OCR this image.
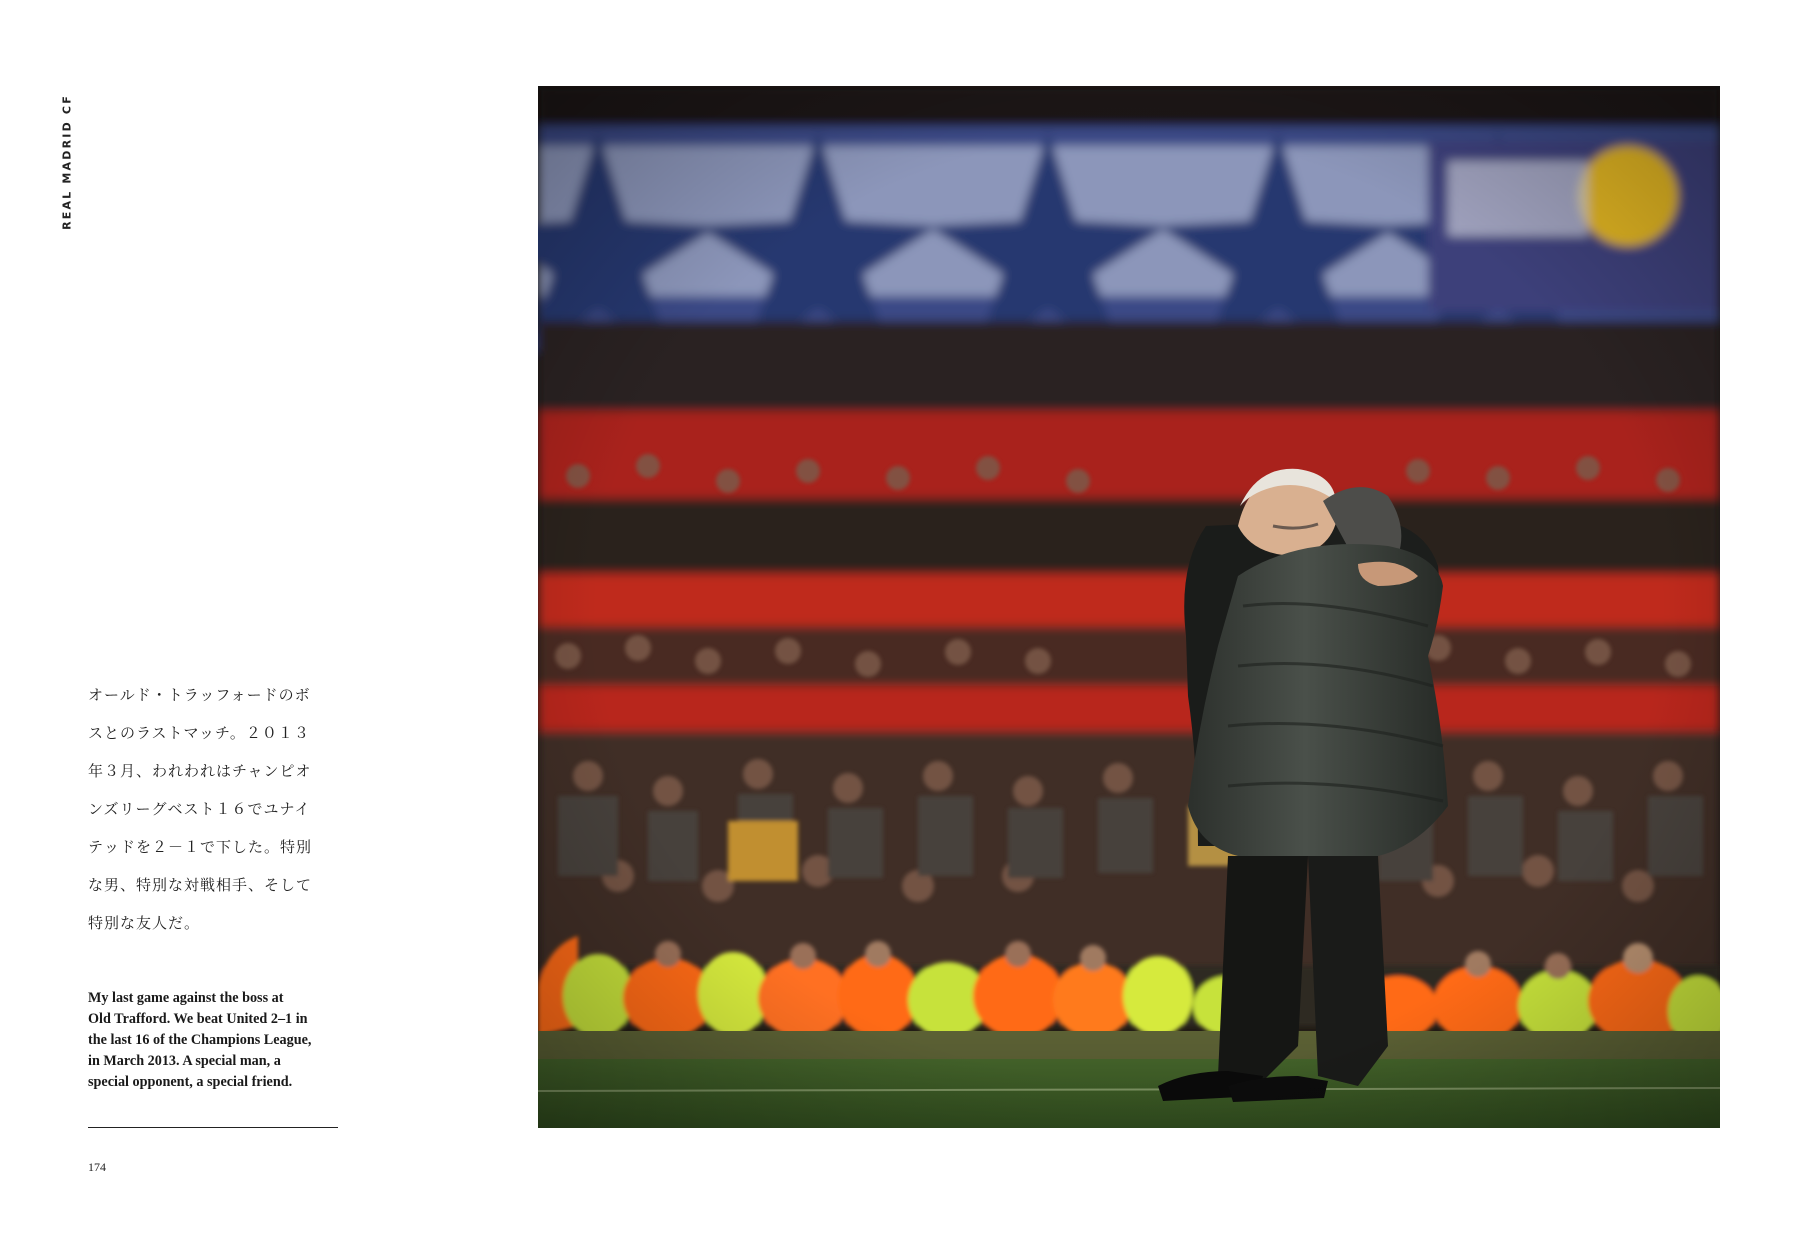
REAL MADRID CF
オールド・トラッフォードのボ
スとのラストマッチ。２０１３
年３月、われわれはチャンピオ
ンズリーグベスト１６でユナイ
テッドを２－１で下した。特別
な男、特別な対戦相手、そして
特別な友人だ。
My last game against the boss at
Old Trafford. We beat United 2–1 in
the last 16 of the Champions League,
in March 2013. A special man, a
special opponent, a special friend.
174
